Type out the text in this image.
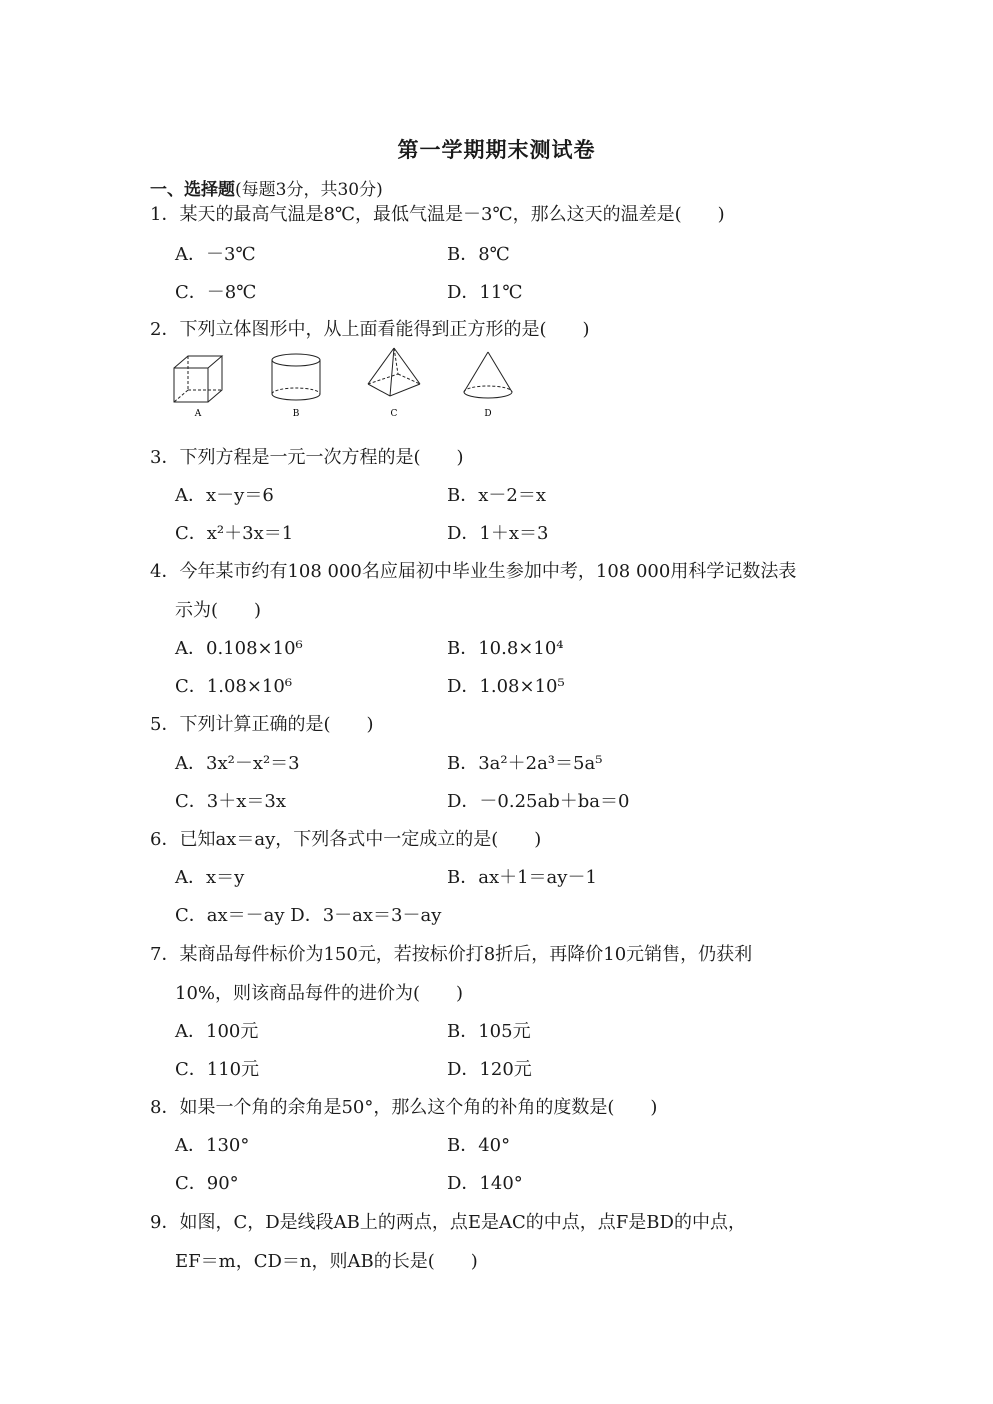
第一学期期末测试卷
一、选择题(每题3分，共30分)
1．某天的最高气温是8℃，最低气温是－3℃，那么这天的温差是(　　)
A．－3℃	B．8℃
C．－8℃	D．11℃
2．下列立体图形中，从上面看能得到正方形的是(　　)
A	B	C	D
3．下列方程是一元一次方程的是(　　)
A．x－y＝6	B．x－2＝x
C．x²＋3x＝1	D．1＋x＝3
4．今年某市约有108 000名应届初中毕业生参加中考，108 000用科学记数法表
示为(　　)
A．0.108×10⁶	B．10.8×10⁴
C．1.08×10⁶	D．1.08×10⁵
5．下列计算正确的是(　　)
A．3x²－x²＝3	B．3a²＋2a³＝5a⁵
C．3＋x＝3x	D．－0.25ab＋ba＝0
6．已知ax＝ay，下列各式中一定成立的是(　　)
A．x＝y	B．ax＋1＝ay－1
C．ax＝－ay D．3－ax＝3－ay
7．某商品每件标价为150元，若按标价打8折后，再降价10元销售，仍获利
10%，则该商品每件的进价为(　　)
A．100元	B．105元
C．110元	D．120元
8．如果一个角的余角是50°，那么这个角的补角的度数是(　　)
A．130°	B．40°
C．90°	D．140°
9．如图，C，D是线段AB上的两点，点E是AC的中点，点F是BD的中点，
EF＝m，CD＝n，则AB的长是(　　)
